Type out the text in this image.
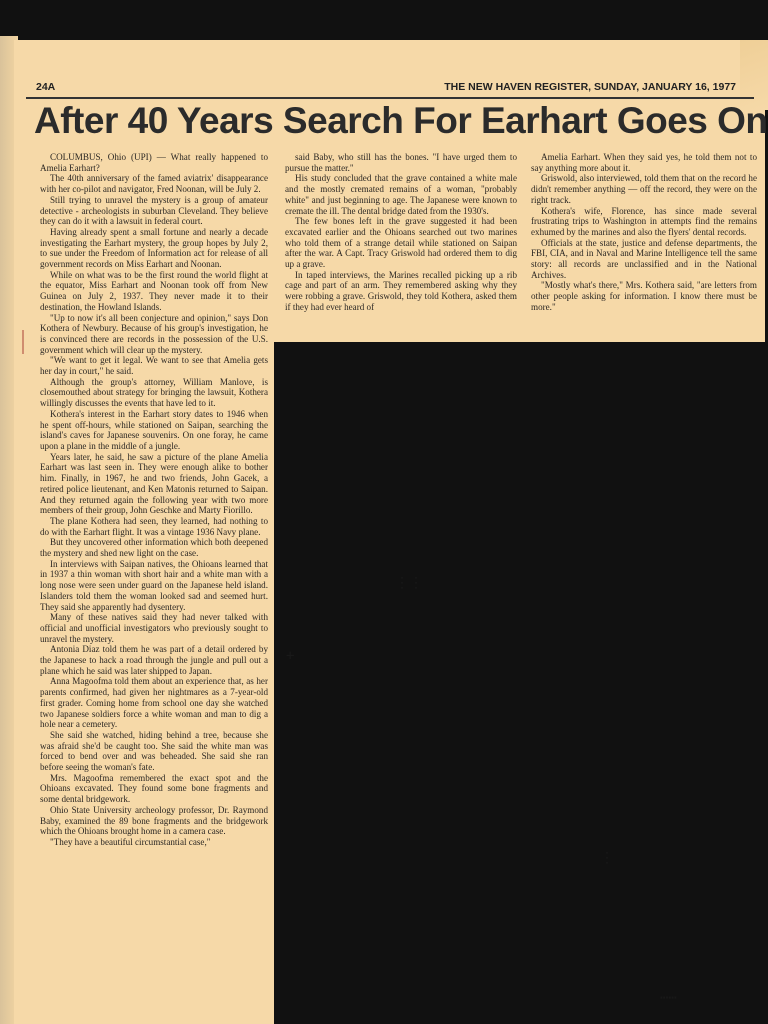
⋮⋮
+
⋮
⋯⋯
24A	THE NEW HAVEN REGISTER, SUNDAY, JANUARY 16, 1977
After 40 Years Search For Earhart Goes On

COLUMBUS, Ohio (UPI) — What really happened to Amelia Earhart?

The 40th anniversary of the famed aviatrix' disappearance with her co-pilot and navigator, Fred Noonan, will be July 2.

Still trying to unravel the mystery is a group of amateur detective - archeologists in suburban Cleveland. They believe they can do it with a lawsuit in federal court.

Having already spent a small fortune and nearly a decade investigating the Earhart mystery, the group hopes by July 2, to sue under the Freedom of Information act for release of all government records on Miss Earhart and Noonan.

While on what was to be the first round the world flight at the equator, Miss Earhart and Noonan took off from New Guinea on July 2, 1937. They never made it to their destination, the Howland Islands.

"Up to now it's all been conjecture and opinion," says Don Kothera of Newbury. Because of his group's investigation, he is convinced there are records in the possession of the U.S. government which will clear up the mystery.

"We want to get it legal. We want to see that Amelia gets her day in court," he said.

Although the group's attorney, William Manlove, is closemouthed about strategy for bringing the lawsuit, Kothera willingly discusses the events that have led to it.

Kothera's interest in the Earhart story dates to 1946 when he spent off-hours, while stationed on Saipan, searching the island's caves for Japanese souvenirs. On one foray, he came upon a plane in the middle of a jungle.

Years later, he said, he saw a picture of the plane Amelia Earhart was last seen in. They were enough alike to bother him. Finally, in 1967, he and two friends, John Gacek, a retired police lieutenant, and Ken Matonis returned to Saipan. And they returned again the following year with two more members of their group, John Geschke and Marty Fiorillo.

The plane Kothera had seen, they learned, had nothing to do with the Earhart flight. It was a vintage 1936 Navy plane.

But they uncovered other information which both deepened the mystery and shed new light on the case.

In interviews with Saipan natives, the Ohioans learned that in 1937 a thin woman with short hair and a white man with a long nose were seen under guard on the Japanese held island. Islanders told them the woman looked sad and seemed hurt. They said she apparently had dysentery.

Many of these natives said they had never talked with official and unofficial investigators who previously sought to unravel the mystery.

Antonia Diaz told them he was part of a detail ordered by the Japanese to hack a road through the jungle and pull out a plane which he said was later shipped to Japan.

Anna Magoofma told them about an experience that, as her parents confirmed, had given her nightmares as a 7-year-old first grader. Coming home from school one day she watched two Japanese soldiers force a white woman and man to dig a hole near a cemetery.

She said she watched, hiding behind a tree, because she was afraid she'd be caught too. She said the white man was forced to bend over and was beheaded. She said she ran before seeing the woman's fate.

Mrs. Magoofma remembered the exact spot and the Ohioans excavated. They found some bone fragments and some dental bridgework.

Ohio State University archeology professor, Dr. Raymond Baby, examined the 89 bone fragments and the bridgework which the Ohioans brought home in a camera case.

"They have a beautiful circumstantial case,"

said Baby, who still has the bones. "I have urged them to pursue the matter."

His study concluded that the grave contained a white male and the mostly cremated remains of a woman, "probably white" and just beginning to age. The Japanese were known to cremate the ill. The dental bridge dated from the 1930's.

The few bones left in the grave suggested it had been excavated earlier and the Ohioans searched out two marines who told them of a strange detail while stationed on Saipan after the war. A Capt. Tracy Griswold had ordered them to dig up a grave.

In taped interviews, the Marines recalled picking up a rib cage and part of an arm. They remembered asking why they were robbing a grave. Griswold, they told Kothera, asked them if they had ever heard of

Amelia Earhart. When they said yes, he told them not to say anything more about it.

Griswold, also interviewed, told them that on the record he didn't remember anything — off the record, they were on the right track.

Kothera's wife, Florence, has since made several frustrating trips to Washington in attempts find the remains exhumed by the marines and also the flyers' dental records.

Officials at the state, justice and defense departments, the FBI, CIA, and in Naval and Marine Intelligence tell the same story: all records are unclassified and in the National Archives.

"Mostly what's there," Mrs. Kothera said, "are letters from other people asking for information. I know there must be more."
